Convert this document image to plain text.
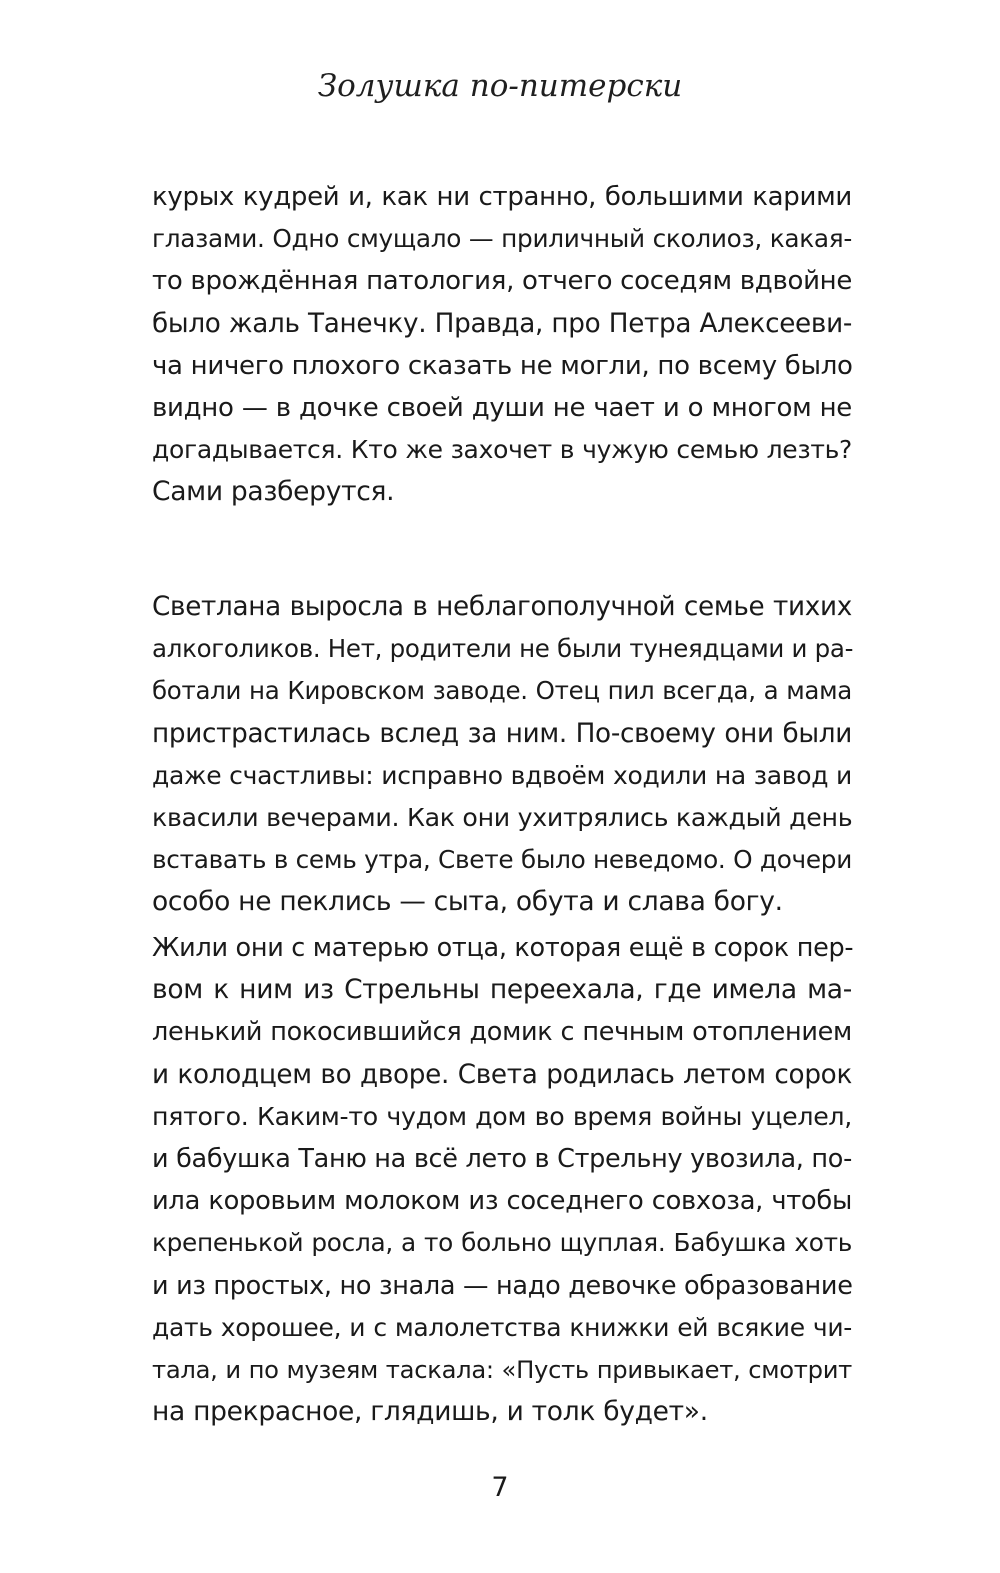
Золушка по-питерски
курых кудрей и, как ни странно, большими карими
глазами. Одно смущало — приличный сколиоз, какая-
то врождённая патология, отчего соседям вдвойне
было жаль Танечку. Правда, про Петра Алексееви-
ча ничего плохого сказать не могли, по всему было
видно — в дочке своей души не чает и о многом не
догадывается. Кто же захочет в чужую семью лезть?
Сами разберутся.
Светлана выросла в неблагополучной семье тихих
алкоголиков. Нет, родители не были тунеядцами и ра-
ботали на Кировском заводе. Отец пил всегда, а мама
пристрастилась вслед за ним. По-своему они были
даже счастливы: исправно вдвоём ходили на завод и
квасили вечерами. Как они ухитрялись каждый день
вставать в семь утра, Свете было неведомо. О дочери
особо не пеклись — сыта, обута и слава богу.
Жили они с матерью отца, которая ещё в сорок пер-
вом к ним из Стрельны переехала, где имела ма-
ленький покосившийся домик с печным отоплением
и колодцем во дворе. Света родилась летом сорок
пятого. Каким-то чудом дом во время войны уцелел,
и бабушка Таню на всё лето в Стрельну увозила, по-
ила коровьим молоком из соседнего совхоза, чтобы
крепенькой росла, а то больно щуплая. Бабушка хоть
и из простых, но знала — надо девочке образование
дать хорошее, и с малолетства книжки ей всякие чи-
тала, и по музеям таскала: «Пусть привыкает, смотрит
на прекрасное, глядишь, и толк будет».
7
